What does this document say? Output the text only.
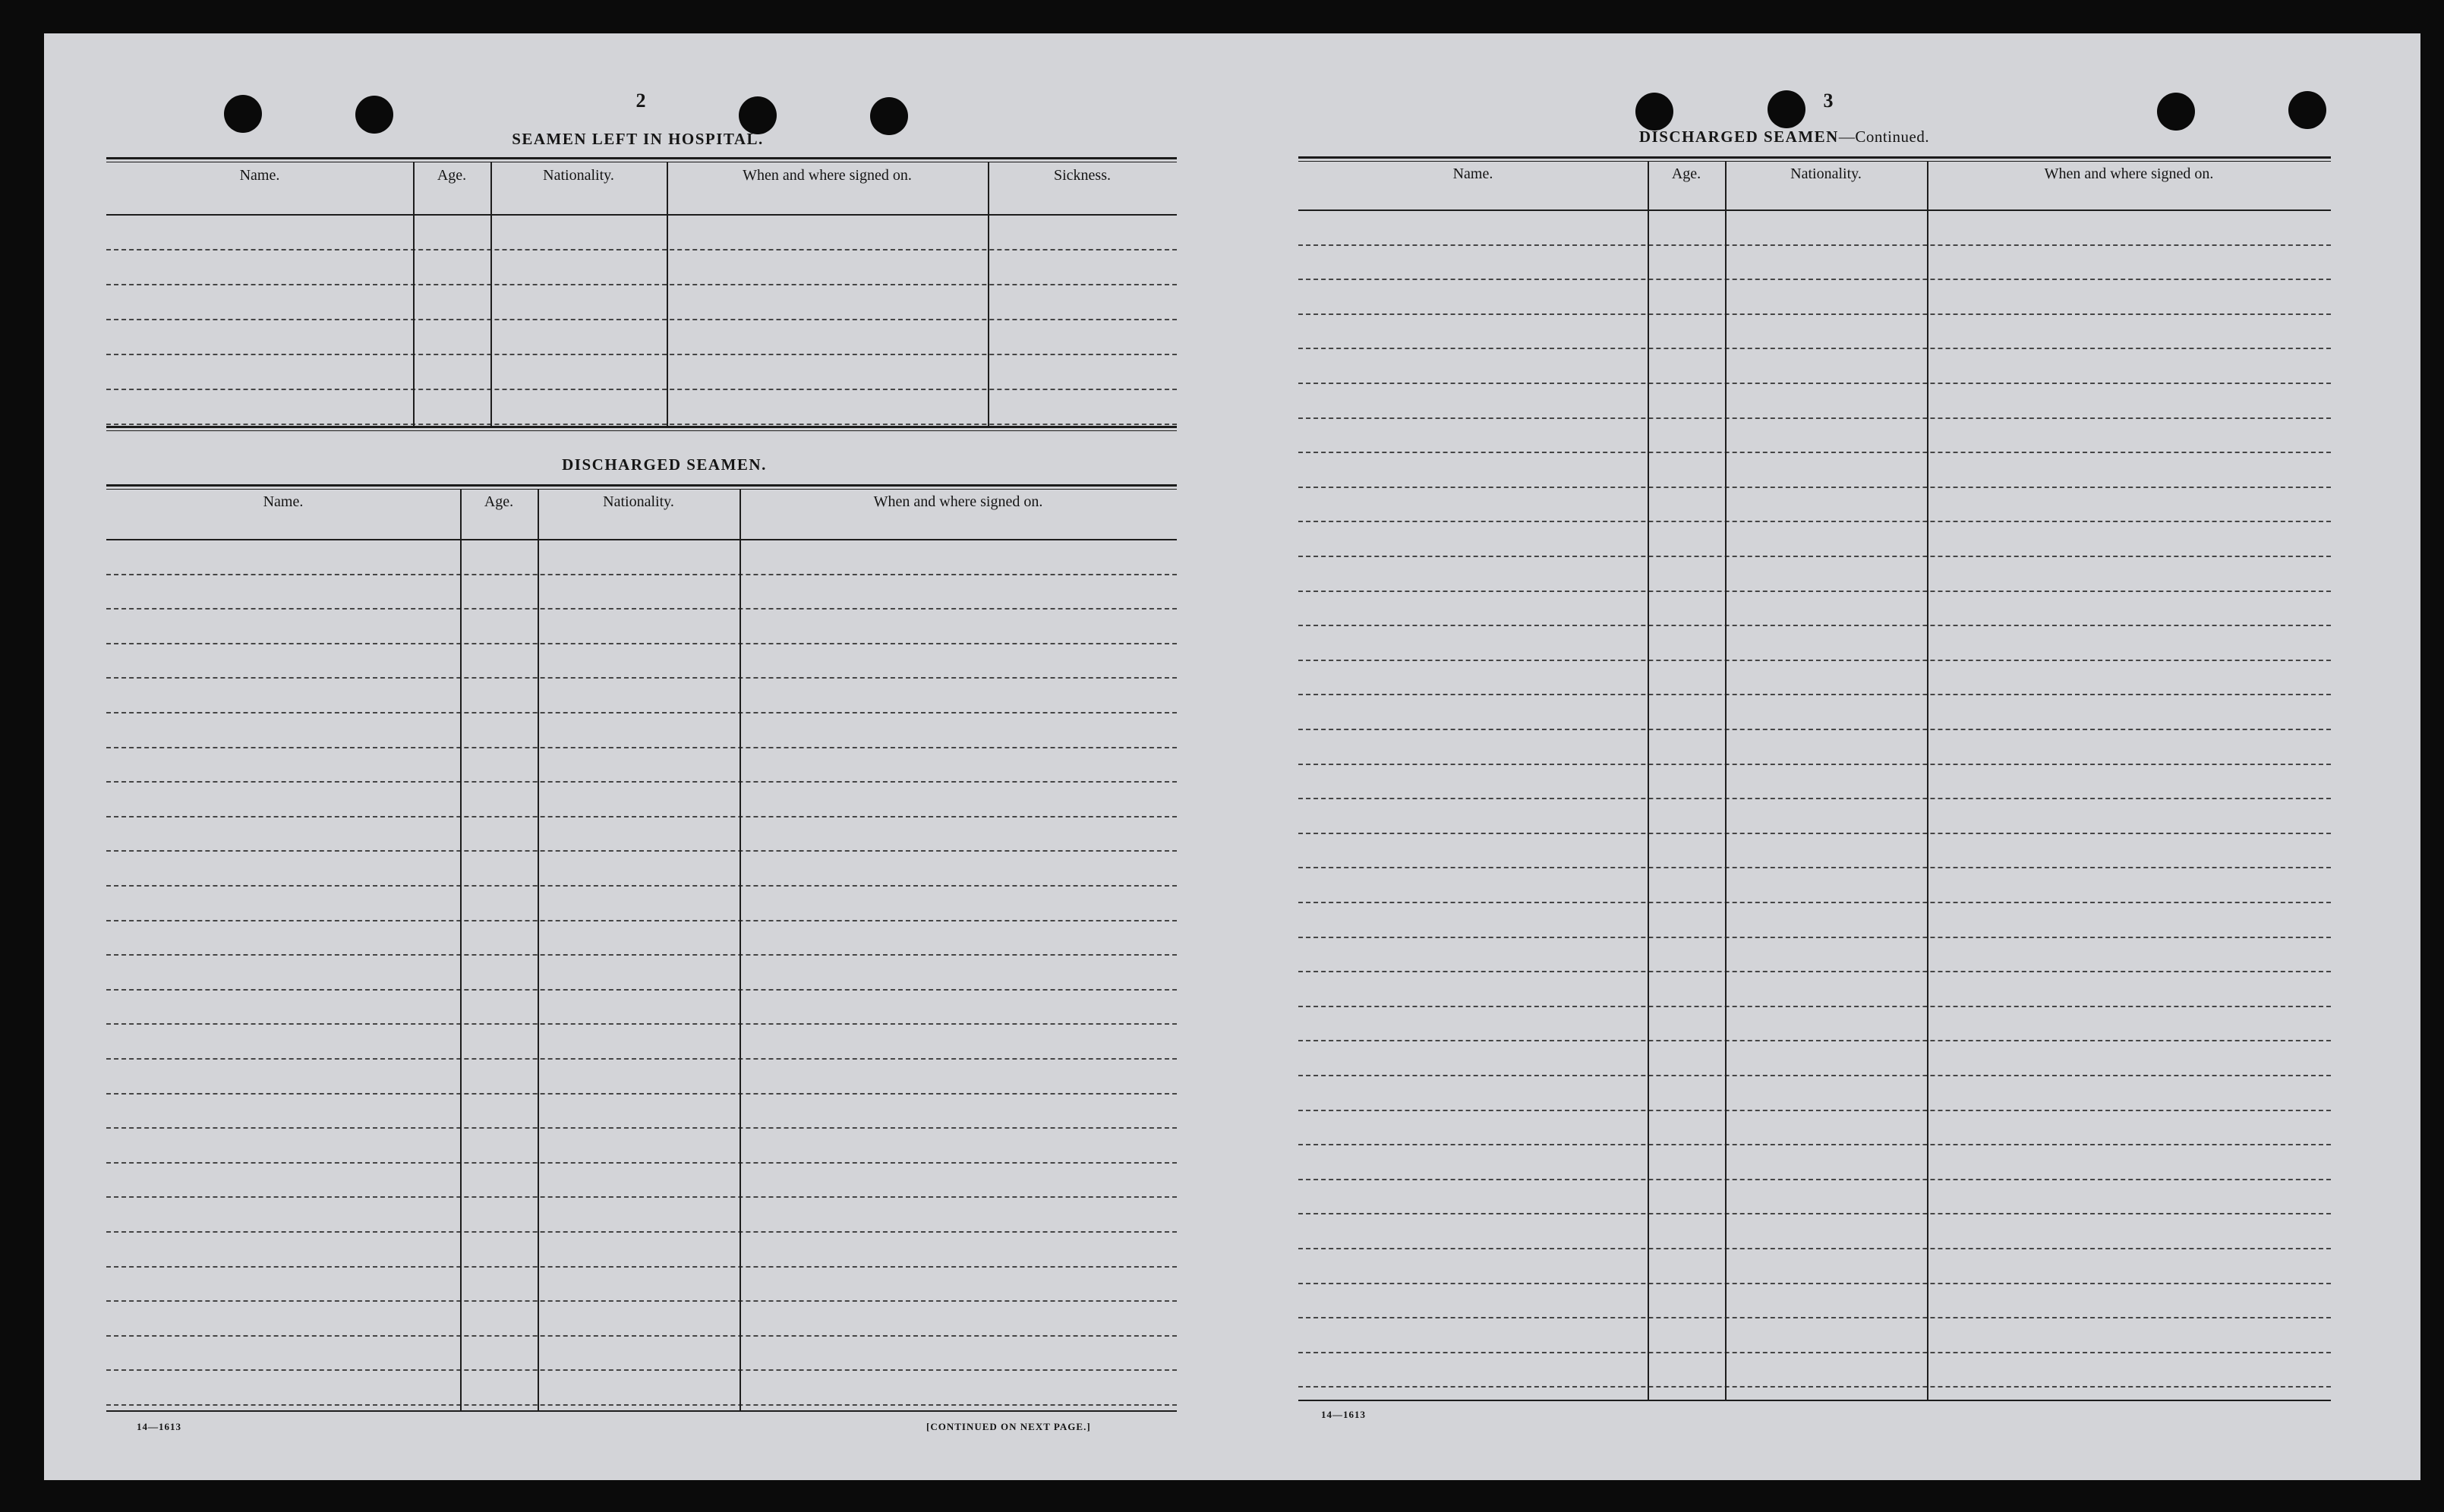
2
SEAMEN LEFT IN HOSPITAL.
Name.	Age.	Nationality.	When and where signed on.	Sickness.
DISCHARGED SEAMEN.
Name.	Age.	Nationality.	When and where signed on.
14—1613	[CONTINUED ON NEXT PAGE.]
3
DISCHARGED SEAMEN—Continued.
Name.	Age.	Nationality.	When and where signed on.
14—1613
